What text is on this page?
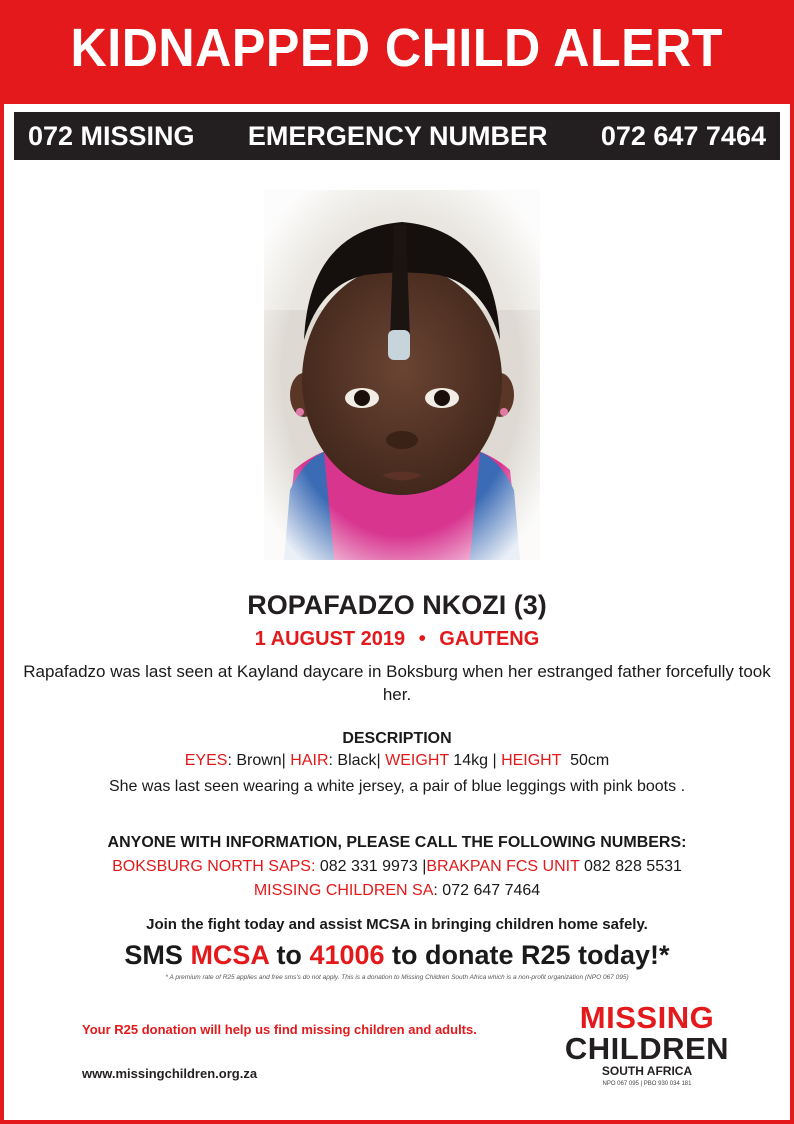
KIDNAPPED CHILD ALERT
072 MISSING EMERGENCY NUMBER 072 647 7464
ROPAFADZO NKOZI (3)
1 AUGUST 2019 • GAUTENG
Rapafadzo was last seen at Kayland daycare in Boksburg when her estranged father forcefully took her.
DESCRIPTION
EYES: Brown| HAIR: Black| WEIGHT 14kg | HEIGHT  50cm
She was last seen wearing a white jersey, a pair of blue leggings with pink boots .
ANYONE WITH INFORMATION, PLEASE CALL THE FOLLOWING NUMBERS:
BOKSBURG NORTH SAPS: 082 331 9973 |BRAKPAN FCS UNIT 082 828 5531
MISSING CHILDREN SA: 072 647 7464
Join the fight today and assist MCSA in bringing children home safely.
SMS MCSA to 41006 to donate R25 today!*
* A premium rate of R25 applies and free sms's do not apply. This is a donation to Missing Children South Africa which is a non-profit organization (NPO 067 095)
Your R25 donation will help us find missing children and adults.
www.missingchildren.org.za
MISSING
CHILDREN
SOUTH AFRICA
NPO 067 095 | PBO 930 034 181
